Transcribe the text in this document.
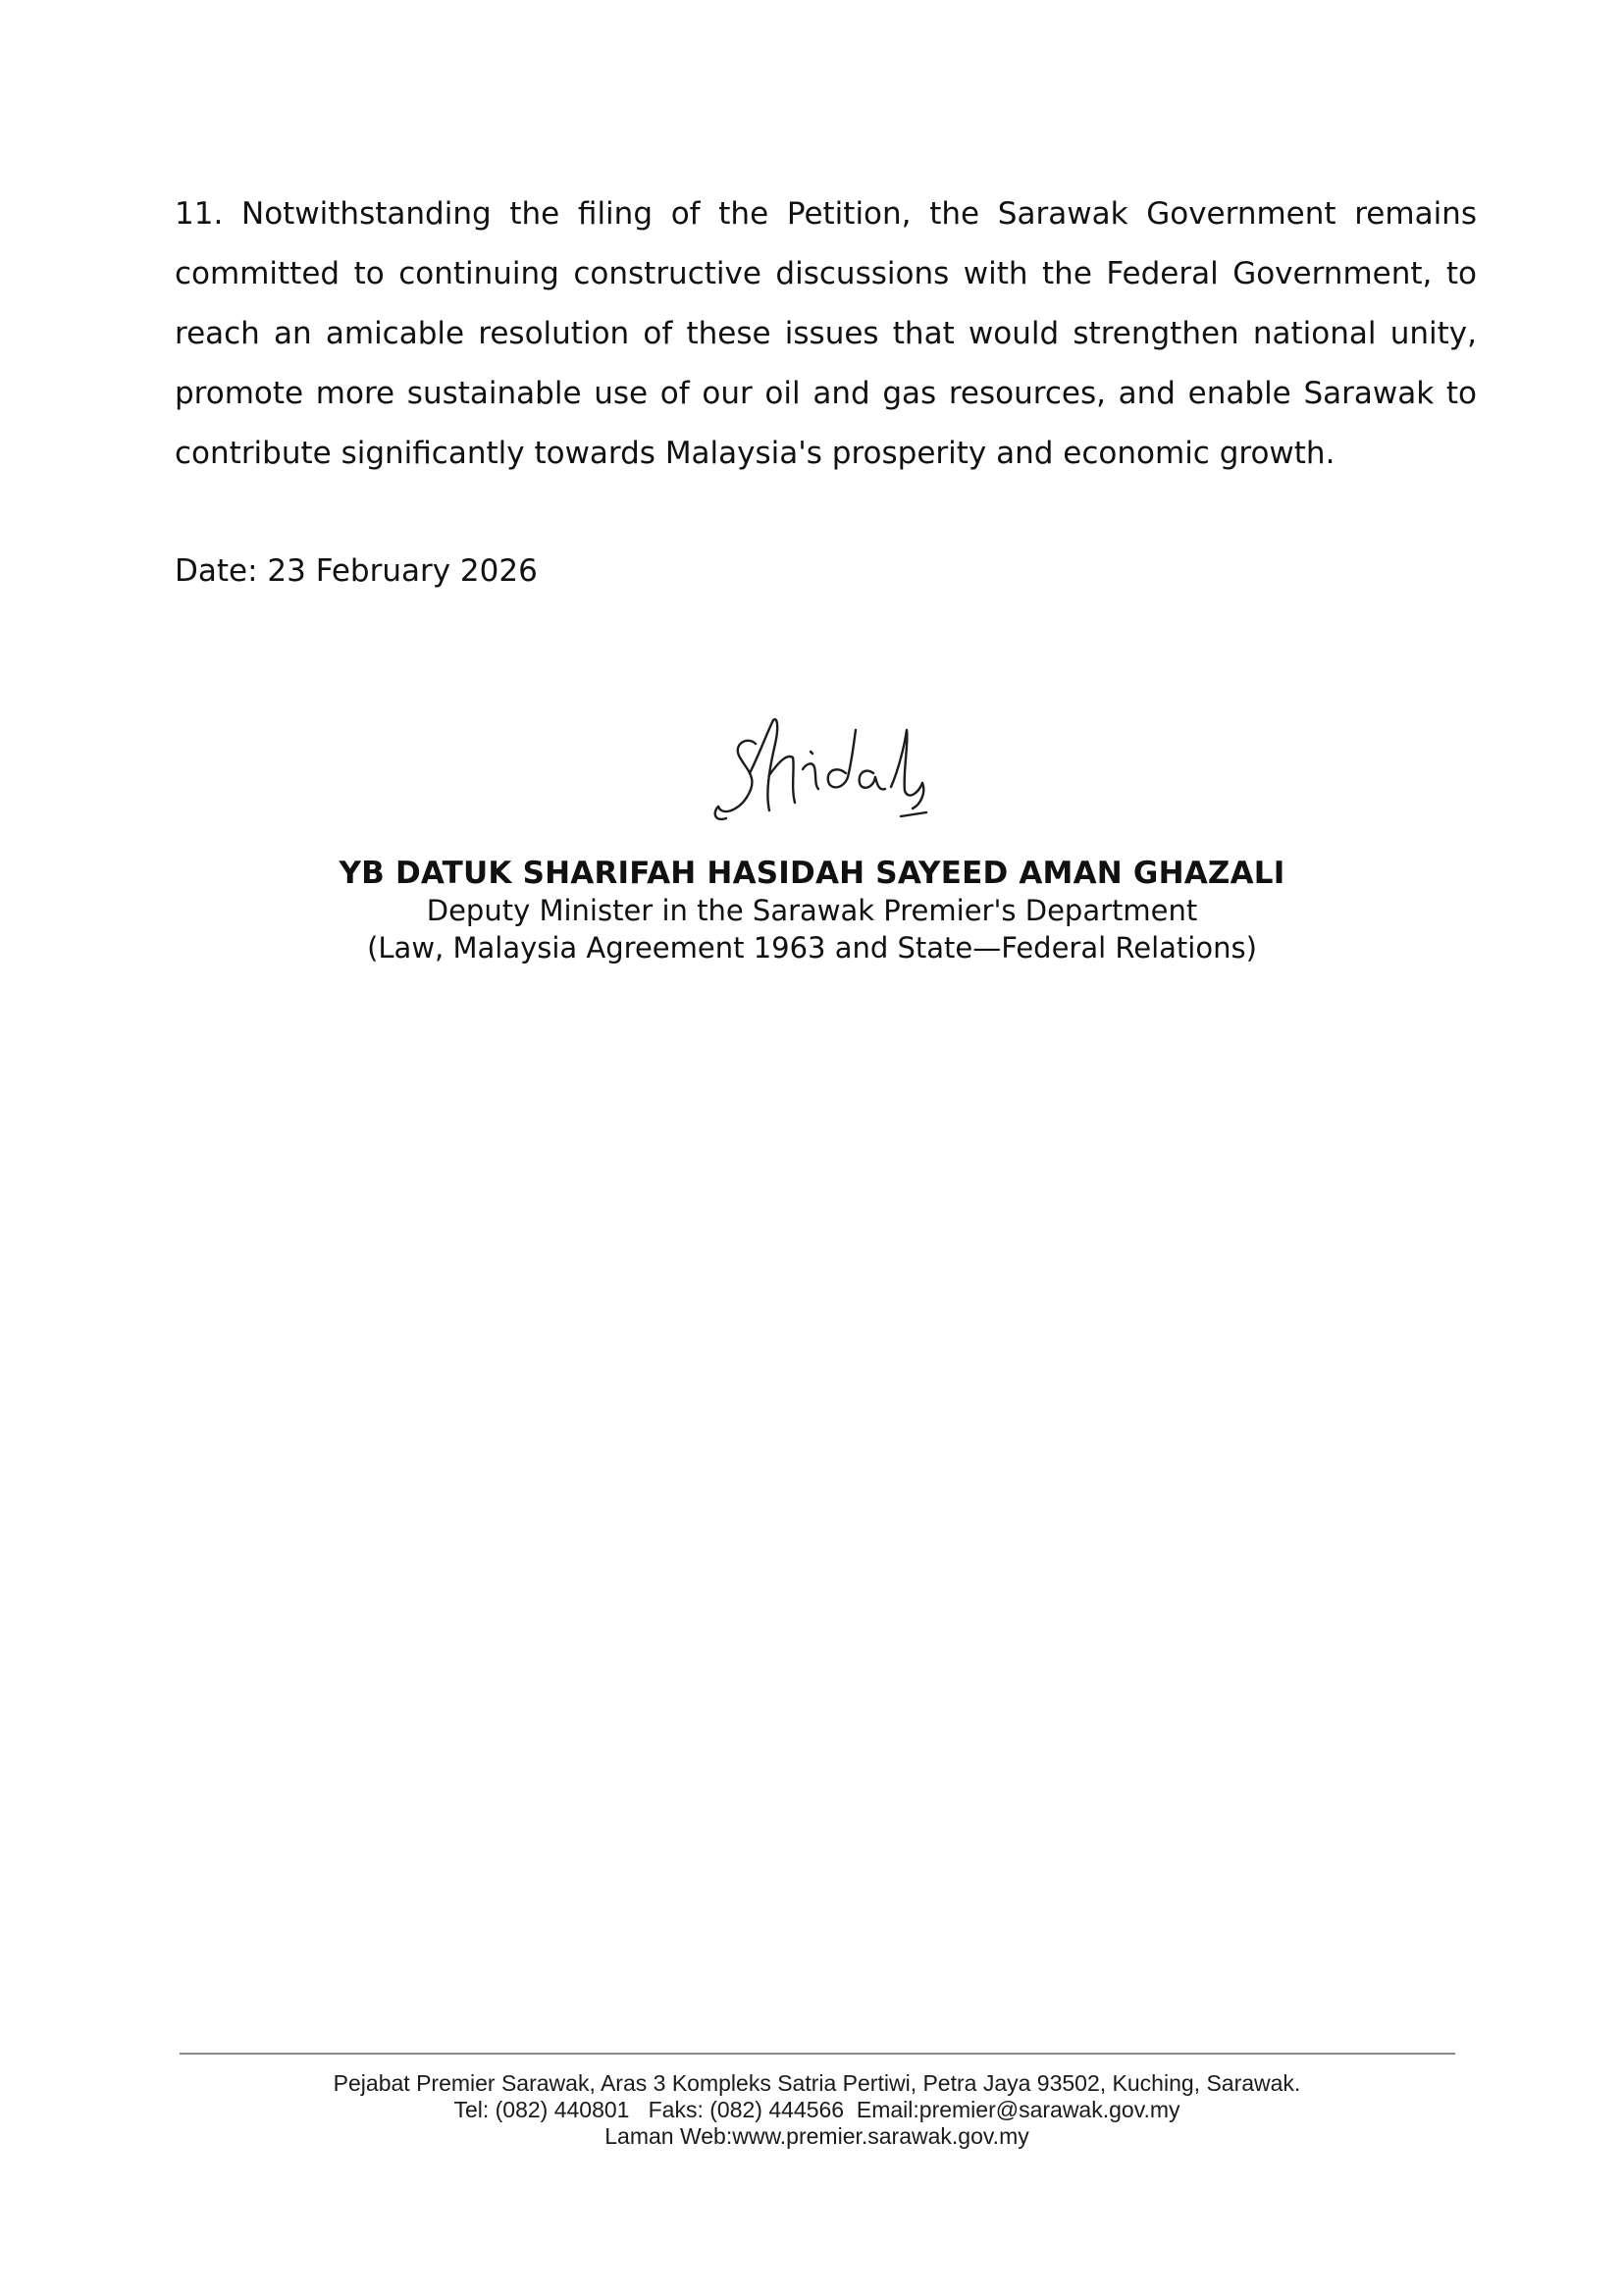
11. Notwithstanding the filing of the Petition, the Sarawak Government remains committed to continuing constructive discussions with the Federal Government, to reach an amicable resolution of these issues that would strengthen national unity, promote more sustainable use of our oil and gas resources, and enable Sarawak to contribute significantly towards Malaysia's prosperity and economic growth.

Date: 23 February 2026

YB DATUK SHARIFAH HASIDAH SAYEED AMAN GHAZALI
Deputy Minister in the Sarawak Premier's Department
(Law, Malaysia Agreement 1963 and State—Federal Relations)
Pejabat Premier Sarawak, Aras 3 Kompleks Satria Pertiwi, Petra Jaya 93502, Kuching, Sarawak.
Tel: (082) 440801   Faks: (082) 444566  Email:premier@sarawak.gov.my
Laman Web:www.premier.sarawak.gov.my
